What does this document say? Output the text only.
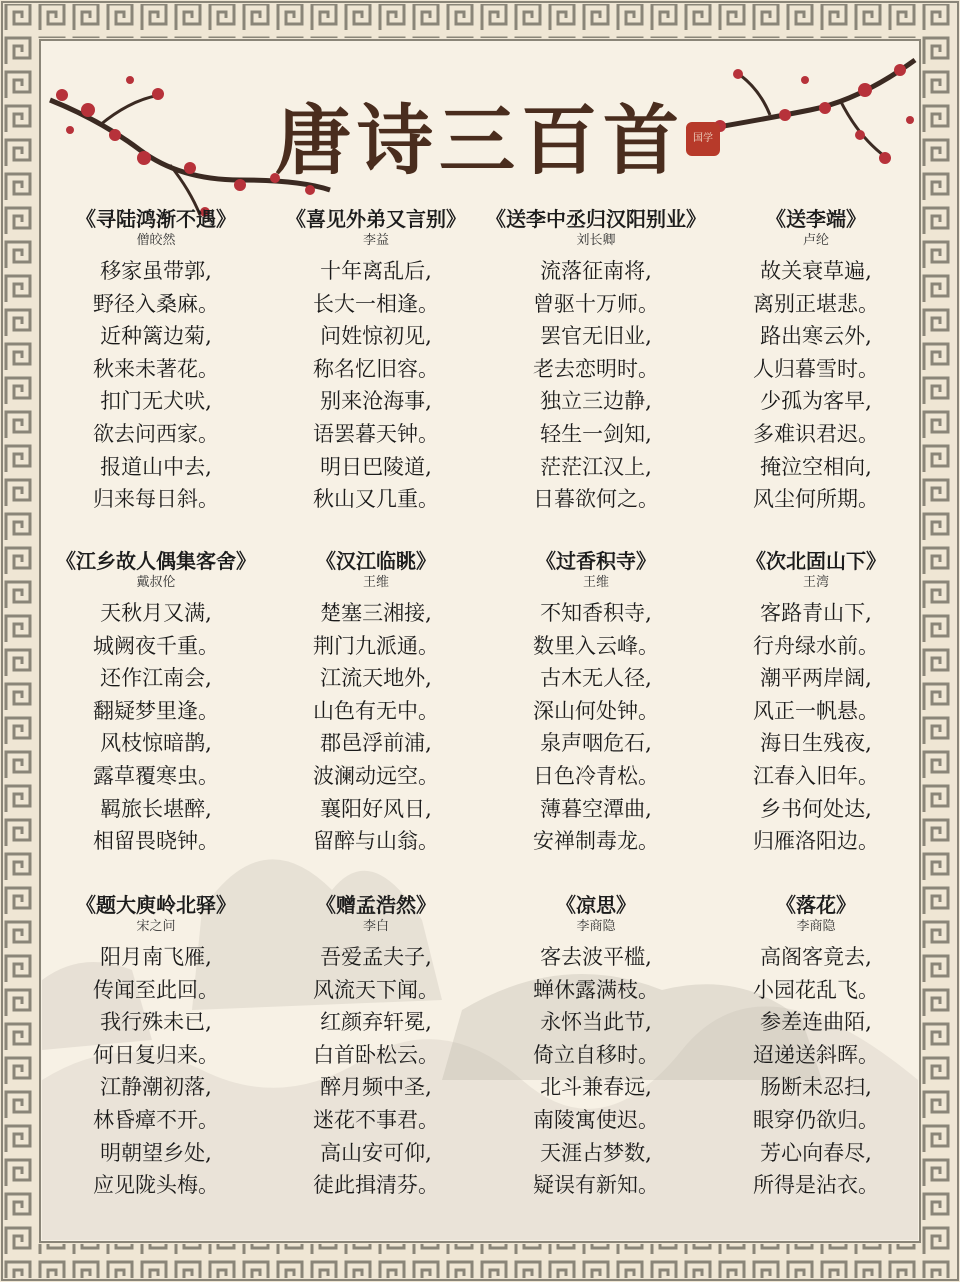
唐诗三百首 国学
《寻陆鸿渐不遇》
僧皎然
移家虽带郭,
野径入桑麻。
近种篱边菊,
秋来未著花。
扣门无犬吠,
欲去问西家。
报道山中去,
归来每日斜。
《喜见外弟又言别》
李益
十年离乱后,
长大一相逢。
问姓惊初见,
称名忆旧容。
别来沧海事,
语罢暮天钟。
明日巴陵道,
秋山又几重。
《送李中丞归汉阳别业》
刘长卿
流落征南将,
曾驱十万师。
罢官无旧业,
老去恋明时。
独立三边静,
轻生一剑知,
茫茫江汉上,
日暮欲何之。
《送李端》
卢纶
故关衰草遍,
离别正堪悲。
路出寒云外,
人归暮雪时。
少孤为客早,
多难识君迟。
掩泣空相向,
风尘何所期。
《江乡故人偶集客舍》
戴叔伦
天秋月又满,
城阙夜千重。
还作江南会,
翻疑梦里逢。
风枝惊暗鹊,
露草覆寒虫。
羁旅长堪醉,
相留畏晓钟。
《汉江临眺》
王维
楚塞三湘接,
荆门九派通。
江流天地外,
山色有无中。
郡邑浮前浦,
波澜动远空。
襄阳好风日,
留醉与山翁。
《过香积寺》
王维
不知香积寺,
数里入云峰。
古木无人径,
深山何处钟。
泉声咽危石,
日色冷青松。
薄暮空潭曲,
安禅制毒龙。
《次北固山下》
王湾
客路青山下,
行舟绿水前。
潮平两岸阔,
风正一帆悬。
海日生残夜,
江春入旧年。
乡书何处达,
归雁洛阳边。
《题大庾岭北驿》
宋之问
阳月南飞雁,
传闻至此回。
我行殊未已,
何日复归来。
江静潮初落,
林昏瘴不开。
明朝望乡处,
应见陇头梅。
《赠孟浩然》
李白
吾爱孟夫子,
风流天下闻。
红颜弃轩冕,
白首卧松云。
醉月频中圣,
迷花不事君。
高山安可仰,
徒此揖清芬。
《凉思》
李商隐
客去波平槛,
蝉休露满枝。
永怀当此节,
倚立自移时。
北斗兼春远,
南陵寓使迟。
天涯占梦数,
疑误有新知。
《落花》
李商隐
高阁客竟去,
小园花乱飞。
参差连曲陌,
迢递送斜晖。
肠断未忍扫,
眼穿仍欲归。
芳心向春尽,
所得是沾衣。
